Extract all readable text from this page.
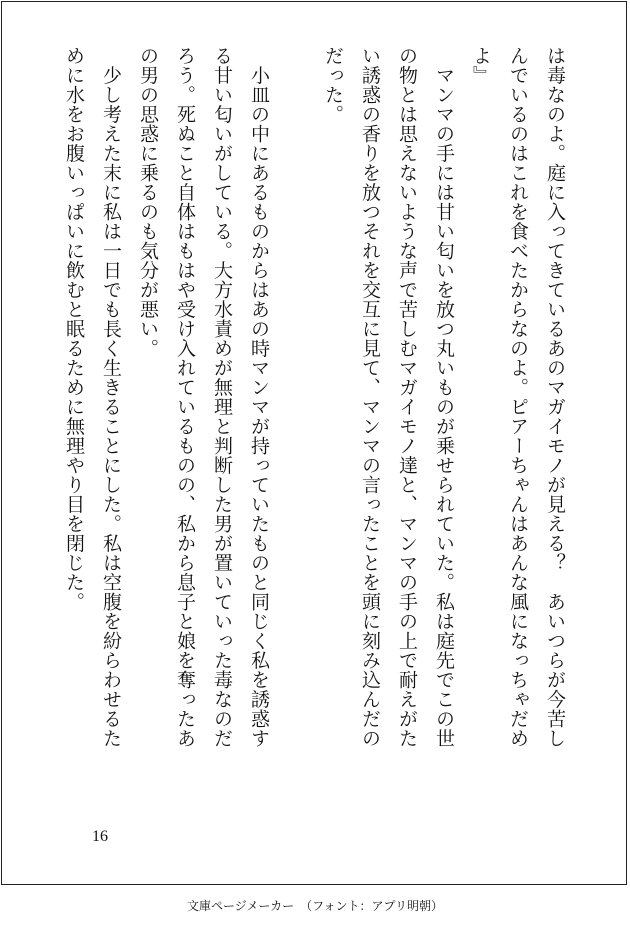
は毒なのよ。庭に入ってきているあのマガイモノが見える？　あいつらが今苦し
んでいるのはこれを食べたからなのよ。ピアーちゃんはあんな風になっちゃだめ
よ』
　マンマの手には甘い匂いを放つ丸いものが乗せられていた。私は庭先でこの世
の物とは思えないような声で苦しむマガイモノ達と、マンマの手の上で耐えがた
い誘惑の香りを放つそれを交互に見て、マンマの言ったことを頭に刻み込んだの
だった。
　小皿の中にあるものからはあの時マンマが持っていたものと同じく私を誘惑す
る甘い匂いがしている。大方水責めが無理と判断した男が置いていった毒なのだ
ろう。死ぬこと自体はもはや受け入れているものの、私から息子と娘を奪ったあ
の男の思惑に乗るのも気分が悪い。
　少し考えた末に私は一日でも長く生きることにした。私は空腹を紛らわせるた
めに水をお腹いっぱいに飲むと眠るために無理やり目を閉じた。
16
文庫ページメーカー　（フォント：アプリ明朝）
